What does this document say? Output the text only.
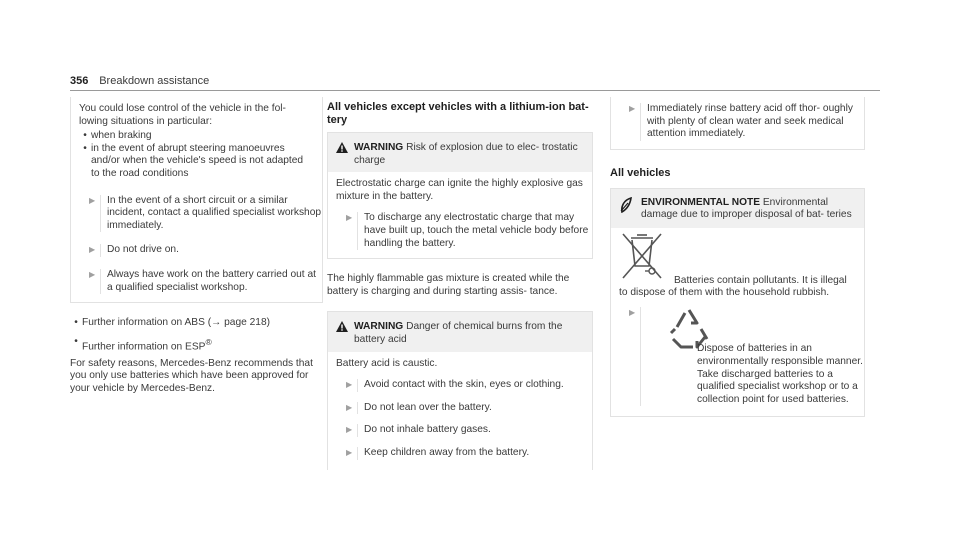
356 Breakdown assistance

You could lose control of the vehicle in the fol- lowing situations in particular:

• when braking
• in the event of abrupt steering manoeuvres and/or when the vehicle's speed is not adapted to the road conditions
▶	In the event of a short circuit or a similar incident, contact a qualified specialist workshop immediately.
▶	Do not drive on.
▶	Always have work on the battery carried out at a qualified specialist workshop.
• Further information on ABS (→ page 218)
• Further information on ESP®

For safety reasons, Mercedes-Benz recommends that you only use batteries which have been approved for your vehicle by Mercedes-Benz.

All vehicles except vehicles with a lithium-ion bat- tery

WARNING Risk of explosion due to elec- trostatic charge

Electrostatic charge can ignite the highly explosive gas mixture in the battery.

▶	To discharge any electrostatic charge that may have built up, touch the metal vehicle body before handling the battery.

The highly flammable gas mixture is created while the battery is charging and during starting assis- tance.

WARNING Danger of chemical burns from the battery acid

Battery acid is caustic.

▶	Avoid contact with the skin, eyes or clothing.
▶	Do not lean over the battery.
▶	Do not inhale battery gases.
▶	Keep children away from the battery.
▶	Immediately rinse battery acid off thor- oughly with plenty of clean water and seek medical attention immediately.

All vehicles

ENVIRONMENTAL NOTE Environmental damage due to improper disposal of bat- teries

Batteries contain pollutants. It is illegal to dispose of them with the household rubbish.

▶
Dispose of batteries in an environmentally responsible manner. Take discharged batteries to a qualified specialist workshop or to a collection point for used batteries.
